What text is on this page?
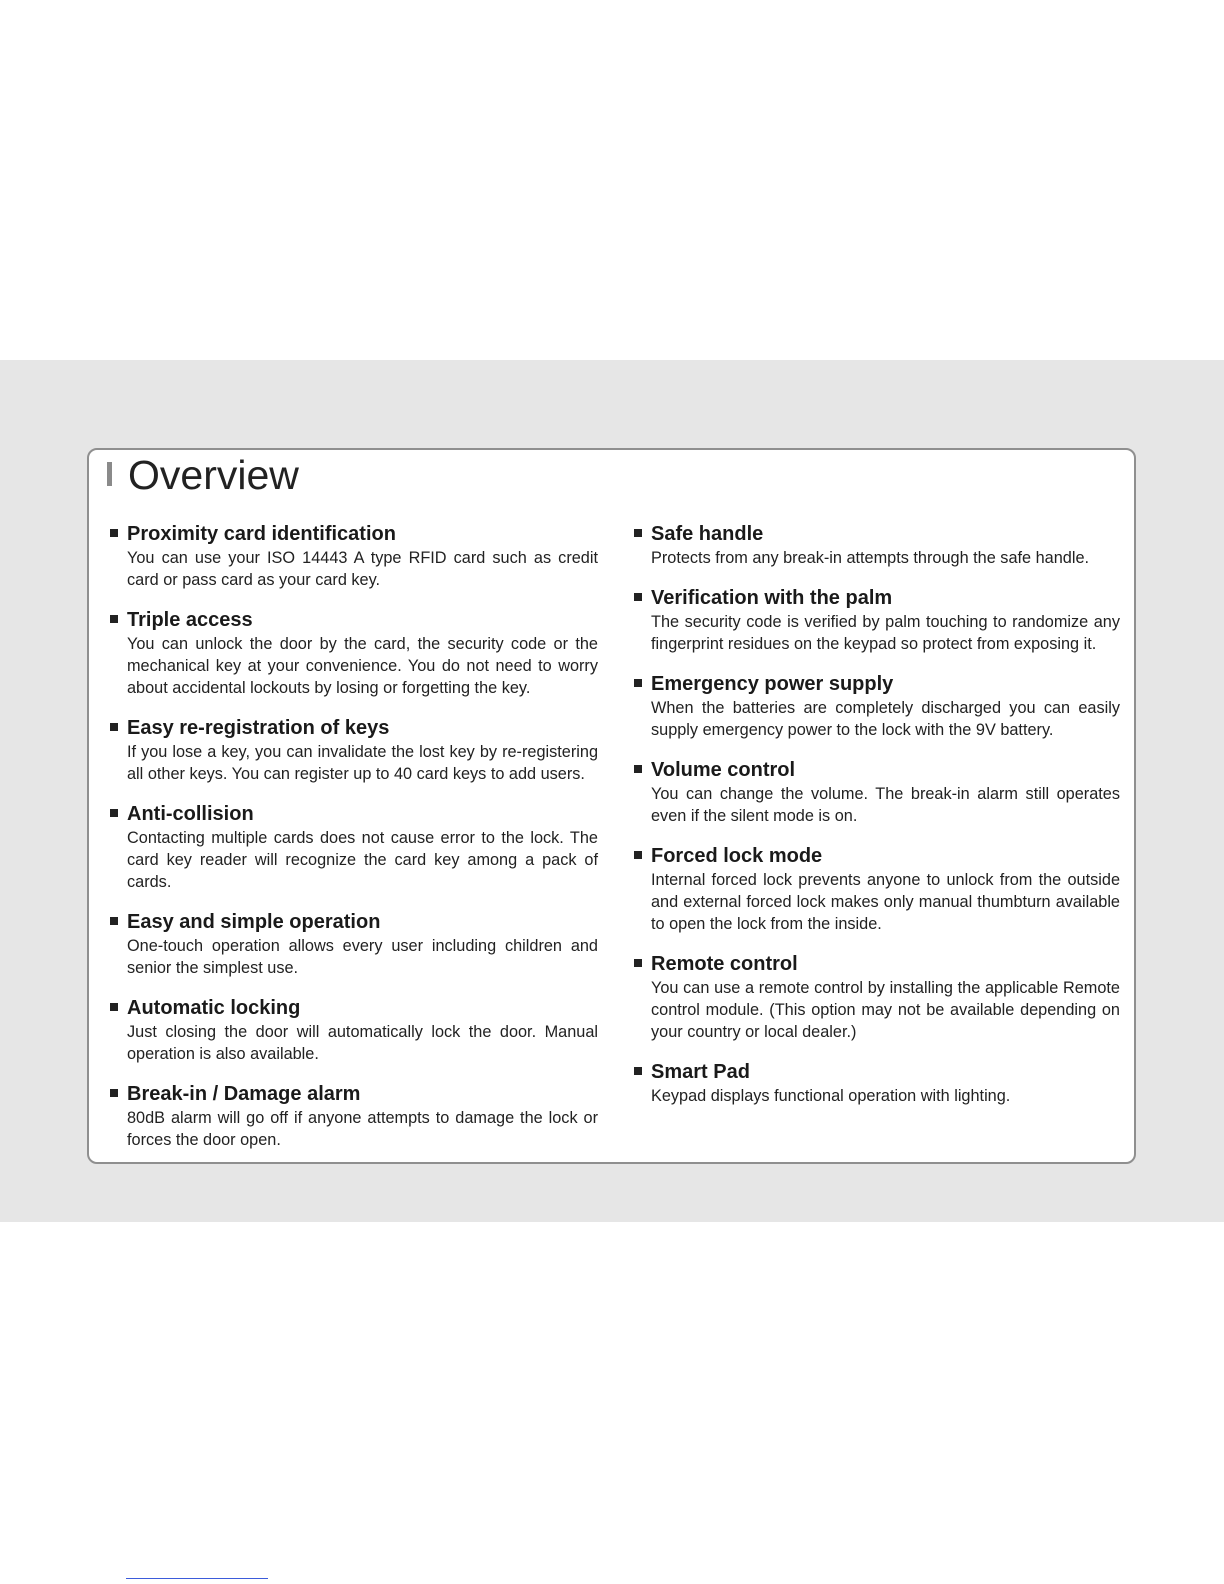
Overview
Proximity card identification
You can use your ISO 14443 A type RFID card such as credit card or pass card as your card key.
Triple access
You can unlock the door by the card, the security code or the mechanical key at your convenience. You do not need to worry about accidental lockouts by losing or forgetting the key.
Easy re-registration of keys
If you lose a key, you can invalidate the lost key by re-registering all other keys. You can register up to 40 card keys to add users.
Anti-collision
Contacting multiple cards does not cause error to the lock. The card key reader will recognize the card key among a pack of cards.
Easy and simple operation
One-touch operation allows every user including children and senior the simplest use.
Automatic locking
Just closing the door will automatically lock the door. Manual operation is also available.
Break-in / Damage alarm
80dB alarm will go off if anyone attempts to damage the lock or forces the door open.
Safe handle
Protects from any break-in attempts through the safe handle.
Verification with the palm
The security code is verified by palm touching to randomize any fingerprint residues on the keypad so protect from exposing it.
Emergency power supply
When the batteries are completely discharged you can easily supply emergency power to the lock with the 9V battery.
Volume control
You can change the volume. The break-in alarm still operates even if the silent mode is on.
Forced lock mode
Internal forced lock prevents anyone to unlock from the outside and external forced lock makes only manual thumbturn available to open the lock from the inside.
Remote control
You can use a remote control by installing the applicable Remote control module. (This option may not be available depending on your country or local dealer.)
Smart Pad
Keypad displays functional operation with lighting.
